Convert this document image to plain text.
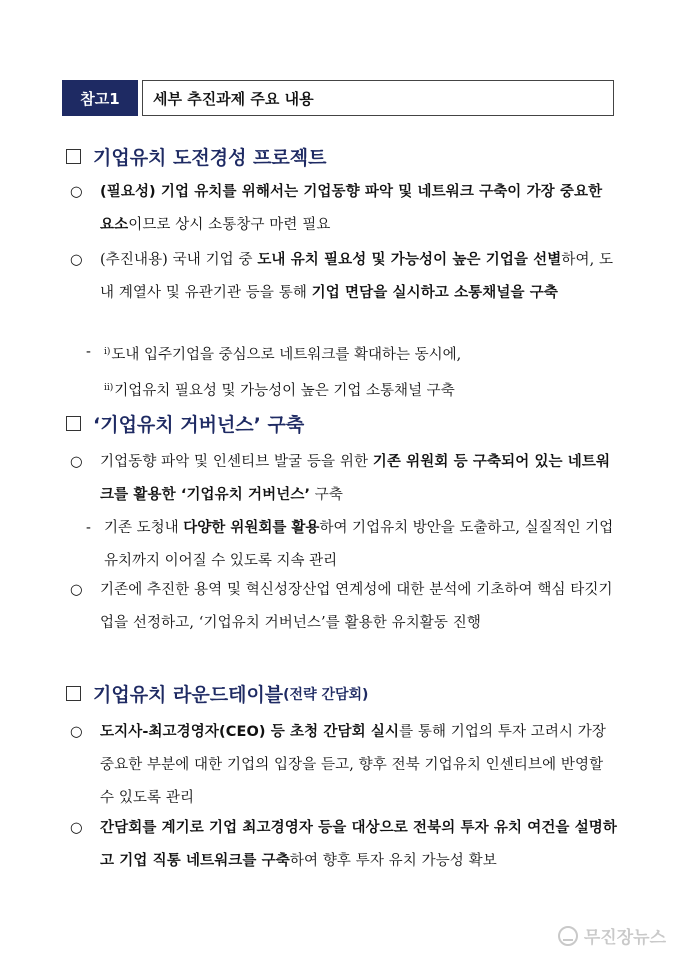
참고1	세부 추진과제 주요 내용
기업유치 도전경성 프로젝트
○	(필요성) 기업 유치를 위해서는 기업동향 파악 및 네트워크 구축이 가장 중요한 요소이므로 상시 소통창구 마련 필요
○	(추진내용) 국내 기업 중 도내 유치 필요성 및 가능성이 높은 기업을 선별하여, 도내 계열사 및 유관기관 등을 통해 기업 면담을 실시하고 소통채널을 구축
- $^{i)}$도내 입주기업을 중심으로 네트워크를 확대하는 동시에,
$^{ii)}$기업유치 필요성 및 가능성이 높은 기업 소통채널 구축
‘기업유치 거버넌스’ 구축
○	기업동향 파악 및 인센티브 발굴 등을 위한 기존 위원회 등 구축되어 있는 네트워크를 활용한 ‘기업유치 거버넌스’ 구축
- 기존 도청내 다양한 위원회를 활용하여 기업유치 방안을 도출하고, 실질적인 기업 유치까지 이어질 수 있도록 지속 관리
○	기존에 추진한 용역 및 혁신성장산업 연계성에 대한 분석에 기초하여 핵심 타깃기업을 선정하고, ‘기업유치 거버넌스’를 활용한 유치활동 진행
기업유치 라운드테이블 (전략 간담회)
○	도지사-최고경영자(CEO) 등 초청 간담회 실시를 통해 기업의 투자 고려시 가장 중요한 부분에 대한 기업의 입장을 듣고, 향후 전북 기업유치 인센티브에 반영할 수 있도록 관리
○	간담회를 계기로 기업 최고경영자 등을 대상으로 전북의 투자 유치 여건을 설명하고 기업 직통 네트워크를 구축하여 향후 투자 유치 가능성 확보
무진장뉴스
